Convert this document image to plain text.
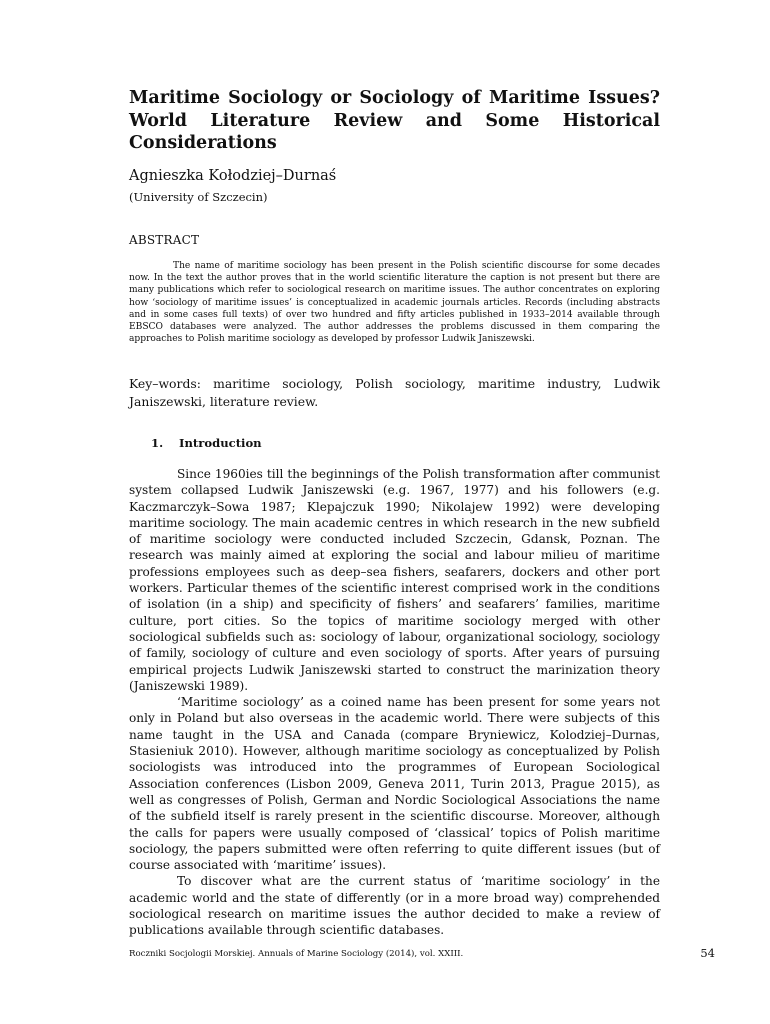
Maritime Sociology or Sociology of Maritime Issues? World Literature Review and Some Historical Considerations

Agnieszka Kołodziej–Durnaś

(University of Szczecin)

ABSTRACT

The name of maritime sociology has been present in the Polish scientific discourse for some decades now. In the text the author proves that in the world scientific literature the caption is not present but there are many publications which refer to sociological research on maritime issues. The author concentrates on exploring how ‘sociology of maritime issues’ is conceptualized in academic journals articles. Records (including abstracts and in some cases full texts) of over two hundred and fifty articles published in 1933–2014 available through EBSCO databases were analyzed. The author addresses the problems discussed in them comparing the approaches to Polish maritime sociology as developed by professor Ludwik Janiszewski.

Key–words: maritime sociology, Polish sociology, maritime industry, Ludwik Janiszewski, literature review.

1. Introduction

Since 1960ies till the beginnings of the Polish transformation after communist system collapsed Ludwik Janiszewski (e.g. 1967, 1977) and his followers (e.g. Kaczmarczyk–Sowa 1987; Klepajczuk 1990; Nikolajew 1992) were developing maritime sociology. The main academic centres in which research in the new subfield of maritime sociology were conducted included Szczecin, Gdansk, Poznan. The research was mainly aimed at exploring the social and labour milieu of maritime professions employees such as deep–sea fishers, seafarers, dockers and other port workers. Particular themes of the scientific interest comprised work in the conditions of isolation (in a ship) and specificity of fishers’ and seafarers’ families, maritime culture, port cities. So the topics of maritime sociology merged with other sociological subfields such as: sociology of labour, organizational sociology, sociology of family, sociology of culture and even sociology of sports. After years of pursuing empirical projects Ludwik Janiszewski started to construct the marinization theory (Janiszewski 1989).

‘Maritime sociology’ as a coined name has been present for some years not only in Poland but also overseas in the academic world. There were subjects of this name taught in the USA and Canada (compare Bryniewicz, Kolodziej–Durnas, Stasieniuk 2010). However, although maritime sociology as conceptualized by Polish sociologists was introduced into the programmes of European Sociological Association conferences (Lisbon 2009, Geneva 2011, Turin 2013, Prague 2015), as well as congresses of Polish, German and Nordic Sociological Associations the name of the subfield itself is rarely present in the scientific discourse. Moreover, although the calls for papers were usually composed of ‘classical’ topics of Polish maritime sociology, the papers submitted were often referring to quite different issues (but of course associated with ‘maritime’ issues).

To discover what are the current status of ‘maritime sociology’ in the academic world and the state of differently (or in a more broad way) comprehended sociological research on maritime issues the author decided to make a review of publications available through scientific databases.

Roczniki Socjologii Morskiej. Annuals of Marine Sociology (2014), vol. XXIII.	54
